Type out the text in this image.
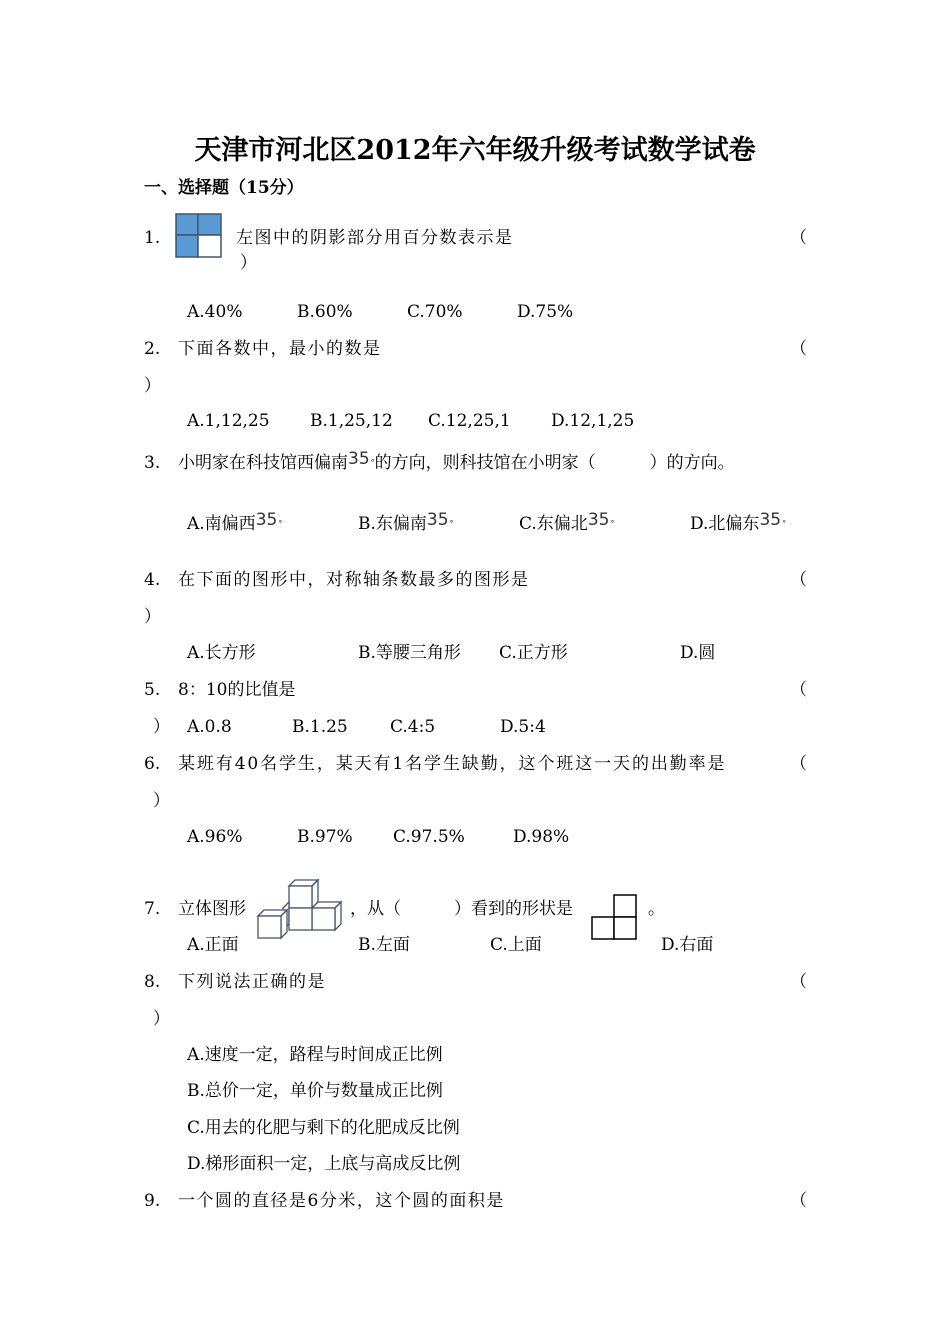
天津市河北区2012年六年级升级考试数学试卷
一、选择题（15分）
1.	左图中的阴影部分用百分数表示是	（
）
A.40%	B.60%	C.70%	D.75%
2. 下面各数中，最小的数是	（
）
A.1,12,25 B.1,25,12 C.12,25,1 D.12,1,25
3. 小明家在科技馆西偏南35°的方向，则科技馆在小明家（	）的方向。
A.南偏西35°	B.东偏南35°	C.东偏北35°	D.北偏东35°
4. 在下面的图形中，对称轴条数最多的图形是	（
）
A.长方形	B.等腰三角形 C.正方形	D.圆
5. 8：10的比值是	（
） A.0.8	B.1.25 C.4:5	D.5:4
6. 某班有40名学生，某天有1名学生缺勤，这个班这一天的出勤率是	（
）
A.96%	B.97% C.97.5%	D.98%
7. 立体图形	，从（	）看到的形状是	。
A.正面	B.左面	C.上面	D.右面
8. 下列说法正确的是	（
）
A.速度一定，路程与时间成正比例
B.总价一定，单价与数量成正比例
C.用去的化肥与剩下的化肥成反比例
D.梯形面积一定，上底与高成反比例
9. 一个圆的直径是6分米，这个圆的面积是	（
